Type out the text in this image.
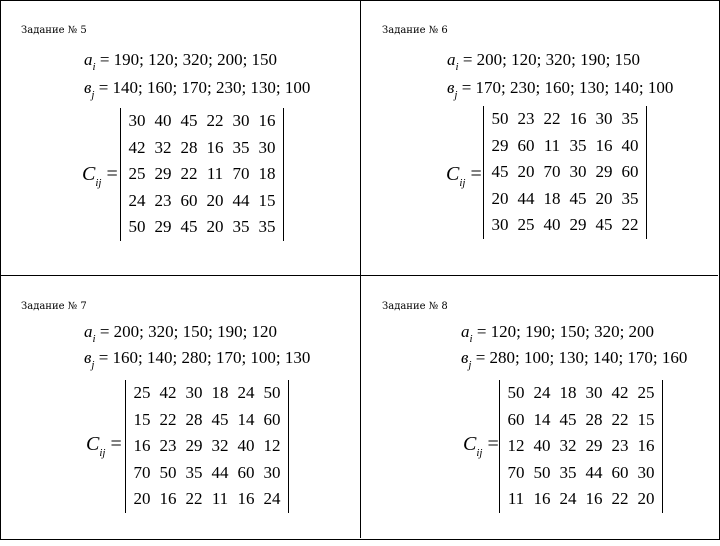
Задание № 5
$a_i = 190$; 120; 320; 200; 150
$в_j = 140$; 160; 170; 230; 130; 100
$C_{ij}$ =
30 40 45 22 30 16
42 32 28 16 35 30
25 29 22 11 70 18
24 23 60 20 44 15
50 29 45 20 35 35
Задание № 6
$a_i = 200$; 120; 320; 190; 150
$в_j = 170$; 230; 160; 130; 140; 100
$C_{ij}$ =
50 23 22 16 30 35
29 60 11 35 16 40
45 20 70 30 29 60
20 44 18 45 20 35
30 25 40 29 45 22
Задание № 7
$a_i = 200$; 320; 150; 190; 120
$в_j = 160$; 140; 280; 170; 100; 130
$C_{ij}$ =
25 42 30 18 24 50
15 22 28 45 14 60
16 23 29 32 40 12
70 50 35 44 60 30
20 16 22 11 16 24
Задание № 8
$a_i = 120$; 190; 150; 320; 200
$в_j = 280$; 100; 130; 140; 170; 160
$C_{ij}$ =
50 24 18 30 42 25
60 14 45 28 22 15
12 40 32 29 23 16
70 50 35 44 60 30
11 16 24 16 22 20
